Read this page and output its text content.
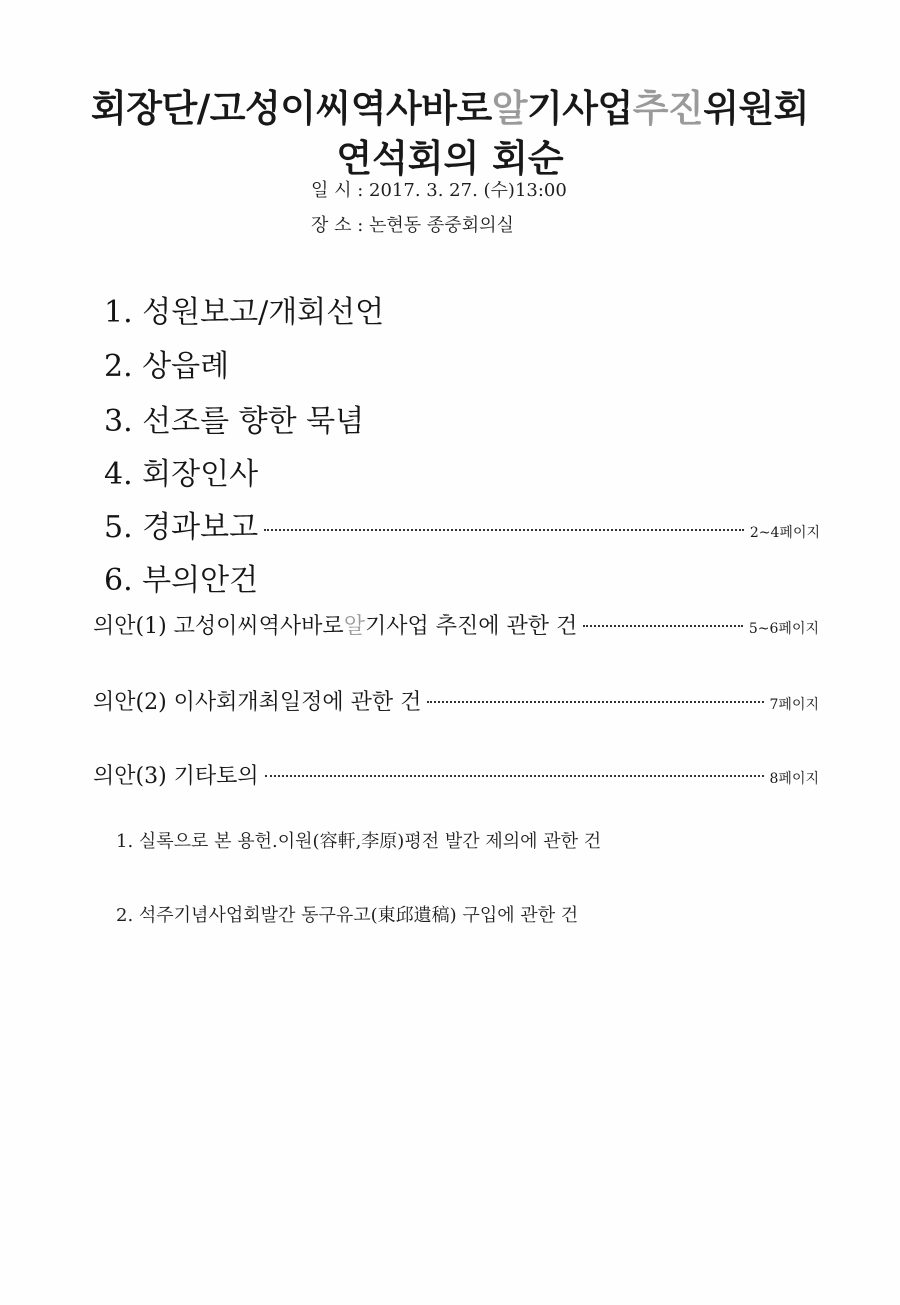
회장단/고성이씨역사바로알기사업추진위원회
연석회의 회순
일 시 : 2017. 3. 27. (수)13:00
장 소 : 논현동 종중회의실
1. 성원보고/개회선언
2. 상읍례
3. 선조를 향한 묵념
4. 회장인사
5. 경과보고	2~4페이지
6. 부의안건
의안(1) 고성이씨역사바로알기사업 추진에 관한 건	5~6페이지
의안(2) 이사회개최일정에 관한 건	7페이지
의안(3) 기타토의	8페이지
1. 실록으로 본 용헌.이원(容軒,李原)평전 발간 제의에 관한 건
2. 석주기념사업회발간 동구유고(東邱遺稿) 구입에 관한 건
